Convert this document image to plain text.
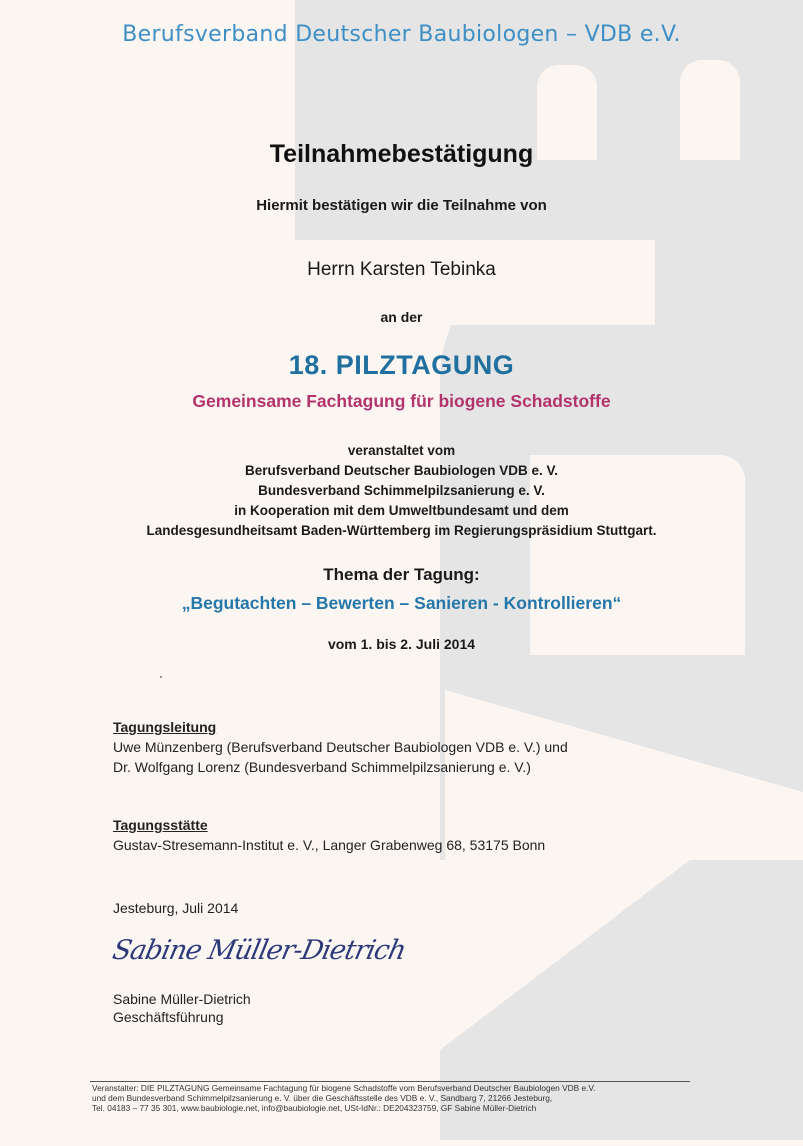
Berufsverband Deutscher Baubiologen – VDB e.V.
Teilnahmebestätigung
Hiermit bestätigen wir die Teilnahme von
Herrn Karsten Tebinka
an der
18. PILZTAGUNG
Gemeinsame Fachtagung für biogene Schadstoffe
veranstaltet vom
Berufsverband Deutscher Baubiologen VDB e. V.
Bundesverband Schimmelpilzsanierung e. V.
in Kooperation mit dem Umweltbundesamt und dem
Landesgesundheitsamt Baden-Württemberg im Regierungspräsidium Stuttgart.
Thema der Tagung:
„Begutachten – Bewerten – Sanieren - Kontrollieren“
vom 1. bis 2. Juli 2014
Tagungsleitung
Uwe Münzenberg (Berufsverband Deutscher Baubiologen VDB e. V.) und
Dr. Wolfgang Lorenz (Bundesverband Schimmelpilzsanierung e. V.)
Tagungsstätte
Gustav-Stresemann-Institut e. V., Langer Grabenweg 68, 53175 Bonn
Jesteburg, Juli 2014
Sabine Müller-Dietrich
Sabine Müller-Dietrich
Geschäftsführung
Veranstalter: DIE PILZTAGUNG Gemeinsame Fachtagung für biogene Schadstoffe vom Berufsverband Deutscher Baubiologen VDB e.V.
und dem Bundesverband Schimmelpilzsanierung e. V. über die Geschäftsstelle des VDB e. V., Sandbarg 7, 21266 Jesteburg,
Tel. 04183 – 77 35 301, www.baubiologie.net, info@baubiologie.net, USt-IdNr.: DE204323759, GF Sabine Müller-Dietrich
